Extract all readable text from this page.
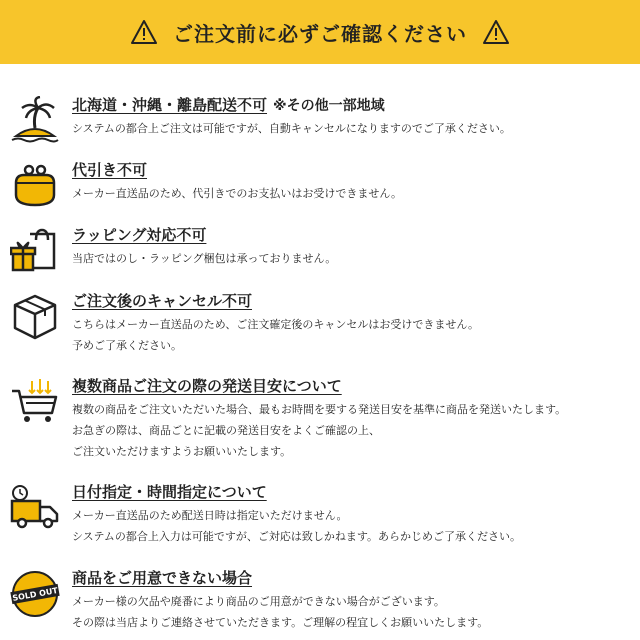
ご注文前に必ずご確認ください
北海道・沖縄・離島配送不可 ※その他一部地域
システムの都合上ご注文は可能ですが、自動キャンセルになりますのでご了承ください。
代引き不可
メーカー直送品のため、代引きでのお支払いはお受けできません。
ラッピング対応不可
当店ではのし・ラッピング梱包は承っておりません。
ご注文後のキャンセル不可
こちらはメーカー直送品のため、ご注文確定後のキャンセルはお受けできません。
予めご了承ください。
複数商品ご注文の際の発送目安について
複数の商品をご注文いただいた場合、最もお時間を要する発送目安を基準に商品を発送いたします。
お急ぎの際は、商品ごとに記載の発送目安をよくご確認の上、
ご注文いただけますようお願いいたします。
日付指定・時間指定について
メーカー直送品のため配送日時は指定いただけません。
システムの都合上入力は可能ですが、ご対応は致しかねます。あらかじめご了承ください。
SOLD OUT
商品をご用意できない場合
メーカー様の欠品や廃番により商品のご用意ができない場合がございます。
その際は当店よりご連絡させていただきます。ご理解の程宜しくお願いいたします。
